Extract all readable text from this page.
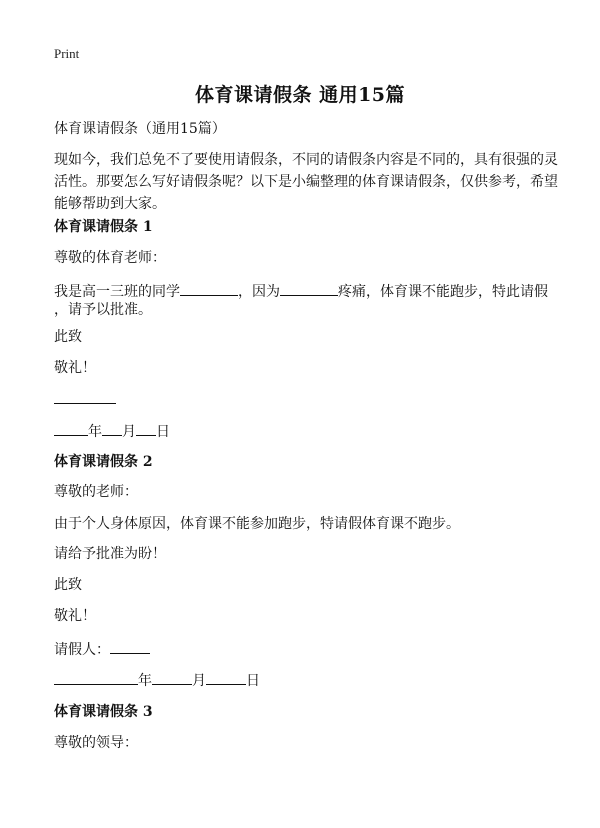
Print
体育课请假条 通用15篇
体育课请假条（通用15篇）
现如今，我们总免不了要使用请假条，不同的请假条内容是不同的，具有很强的灵
活性。那要怎么写好请假条呢？以下是小编整理的体育课请假条，仅供参考，希望
能够帮助到大家。
体育课请假条 1
尊敬的体育老师：
我是高一三班的同学	，因为	疼痛，体育课不能跑步，特此请假
，请予以批准。
此致
敬礼！
年 月 日
体育课请假条 2
尊敬的老师：
由于个人身体原因，体育课不能参加跑步，特请假体育课不跑步。
请给予批准为盼！
此致
敬礼！
请假人：
年	月	日
体育课请假条 3
尊敬的领导：
